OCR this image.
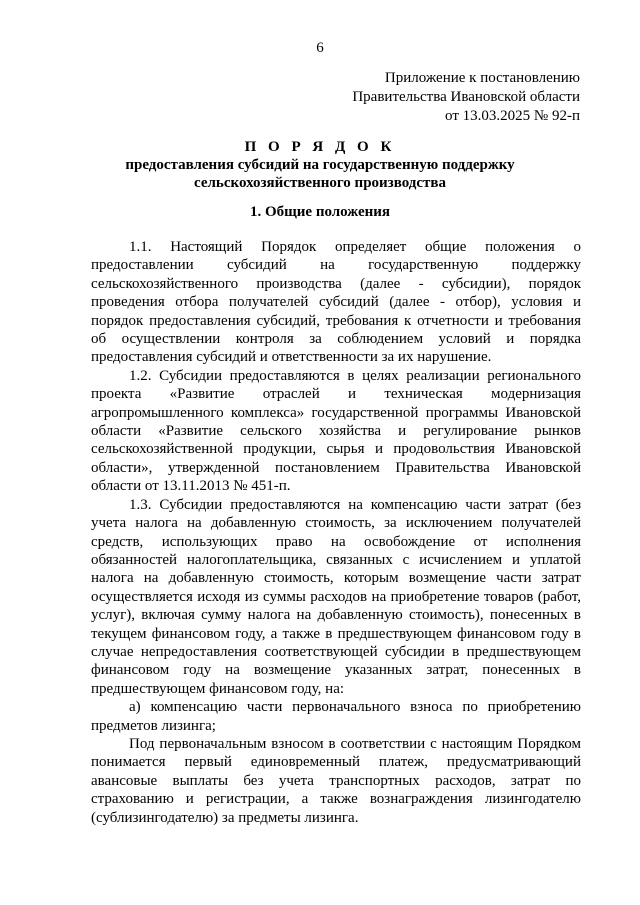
6
Приложение к постановлению
Правительства Ивановской области
от 13.03.2025 № 92-п
П О Р Я Д О К
предоставления субсидий на государственную поддержку
сельскохозяйственного производства
1. Общие положения

1.1. Настоящий Порядок определяет общие положения о предоставлении субсидий на государственную поддержку сельскохозяйственного производства (далее - субсидии), порядок проведения отбора получателей субсидий (далее - отбор), условия и порядок предоставления субсидий, требования к отчетности и требования об осуществлении контроля за соблюдением условий и порядка предоставления субсидий и ответственности за их нарушение.

1.2. Субсидии предоставляются в целях реализации регионального проекта «Развитие отраслей и техническая модернизация агропромышленного комплекса» государственной программы Ивановской области «Развитие сельского хозяйства и регулирование рынков сельскохозяйственной продукции, сырья и продовольствия Ивановской области», утвержденной постановлением Правительства Ивановской области от 13.11.2013 № 451-п.

1.3. Субсидии предоставляются на компенсацию части затрат (без учета налога на добавленную стоимость, за исключением получателей средств, использующих право на освобождение от исполнения обязанностей налогоплательщика, связанных с исчислением и уплатой налога на добавленную стоимость, которым возмещение части затрат осуществляется исходя из суммы расходов на приобретение товаров (работ, услуг), включая сумму налога на добавленную стоимость), понесенных в текущем финансовом году, а также в предшествующем финансовом году в случае непредоставления соответствующей субсидии в предшествующем финансовом году на возмещение указанных затрат, понесенных в предшествующем финансовом году, на:

а) компенсацию части первоначального взноса по приобретению предметов лизинга;

Под первоначальным взносом в соответствии с настоящим Порядком понимается первый единовременный платеж, предусматривающий авансовые выплаты без учета транспортных расходов, затрат по страхованию и регистрации, а также вознаграждения лизингодателю (сублизингодателю) за предметы лизинга.
